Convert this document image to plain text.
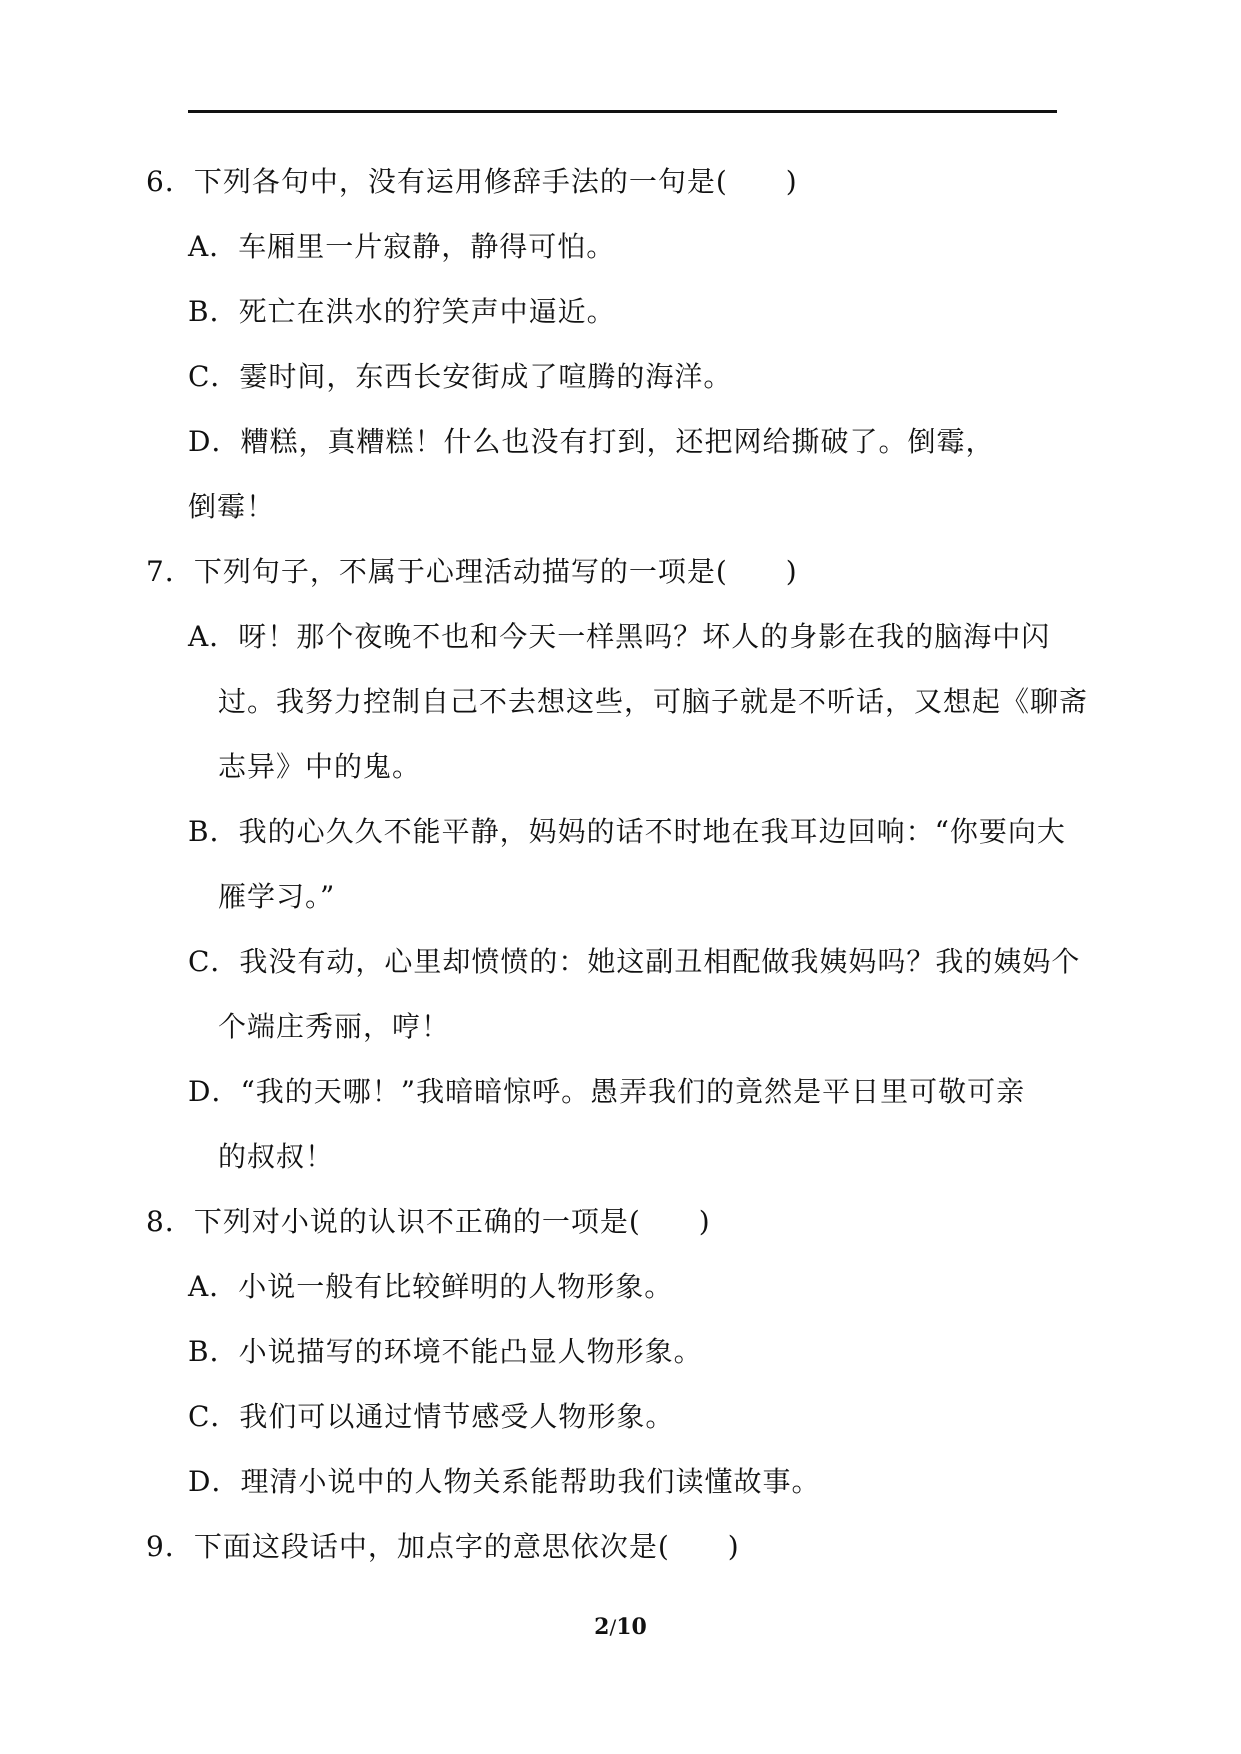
6．下列各句中，没有运用修辞手法的一句是(　　)
A．车厢里一片寂静，静得可怕。
B．死亡在洪水的狞笑声中逼近。
C．霎时间，东西长安街成了喧腾的海洋。
D．糟糕，真糟糕！什么也没有打到，还把网给撕破了。倒霉，
倒霉！
7．下列句子，不属于心理活动描写的一项是(　　)
A．呀！那个夜晚不也和今天一样黑吗？坏人的身影在我的脑海中闪
过。我努力控制自己不去想这些，可脑子就是不听话，又想起《聊斋
志异》中的鬼。
B．我的心久久不能平静，妈妈的话不时地在我耳边回响：“你要向大
雁学习。”
C．我没有动，心里却愤愤的：她这副丑相配做我姨妈吗？我的姨妈个
个端庄秀丽，哼！
D．“我的天哪！”我暗暗惊呼。愚弄我们的竟然是平日里可敬可亲
的叔叔！
8．下列对小说的认识不正确的一项是(　　)
A．小说一般有比较鲜明的人物形象。
B．小说描写的环境不能凸显人物形象。
C．我们可以通过情节感受人物形象。
D．理清小说中的人物关系能帮助我们读懂故事。
9．下面这段话中，加点字的意思依次是(　　)
2/10
